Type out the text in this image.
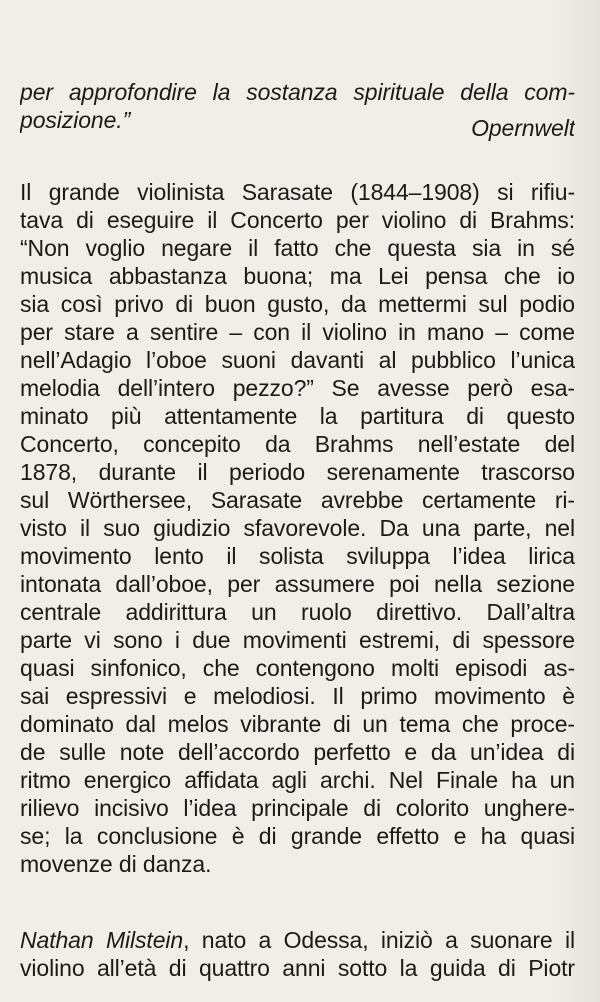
per approfondire la sostanza spirituale della com-
posizione.”	Opernwelt
Il grande violinista Sarasate (1844–1908) si rifiu-
tava di eseguire il Concerto per violino di Brahms:
“Non voglio negare il fatto che questa sia in sé
musica abbastanza buona; ma Lei pensa che io
sia così privo di buon gusto, da mettermi sul podio
per stare a sentire – con il violino in mano – come
nell’Adagio l’oboe suoni davanti al pubblico l’unica
melodia dell’intero pezzo?” Se avesse però esa-
minato più attentamente la partitura di questo
Concerto, concepito da Brahms nell’estate del
1878, durante il periodo serenamente trascorso
sul Wörthersee, Sarasate avrebbe certamente ri-
visto il suo giudizio sfavorevole. Da una parte, nel
movimento lento il solista sviluppa l’idea lirica
intonata dall’oboe, per assumere poi nella sezione
centrale addirittura un ruolo direttivo. Dall’altra
parte vi sono i due movimenti estremi, di spessore
quasi sinfonico, che contengono molti episodi as-
sai espressivi e melodiosi. Il primo movimento è
dominato dal melos vibrante di un tema che proce-
de sulle note dell’accordo perfetto e da un’idea di
ritmo energico affidata agli archi. Nel Finale ha un
rilievo incisivo l’idea principale di colorito unghere-
se; la conclusione è di grande effetto e ha quasi
movenze di danza.
Nathan Milstein, nato a Odessa, iniziò a suonare il
violino all’età di quattro anni sotto la guida di Piotr
